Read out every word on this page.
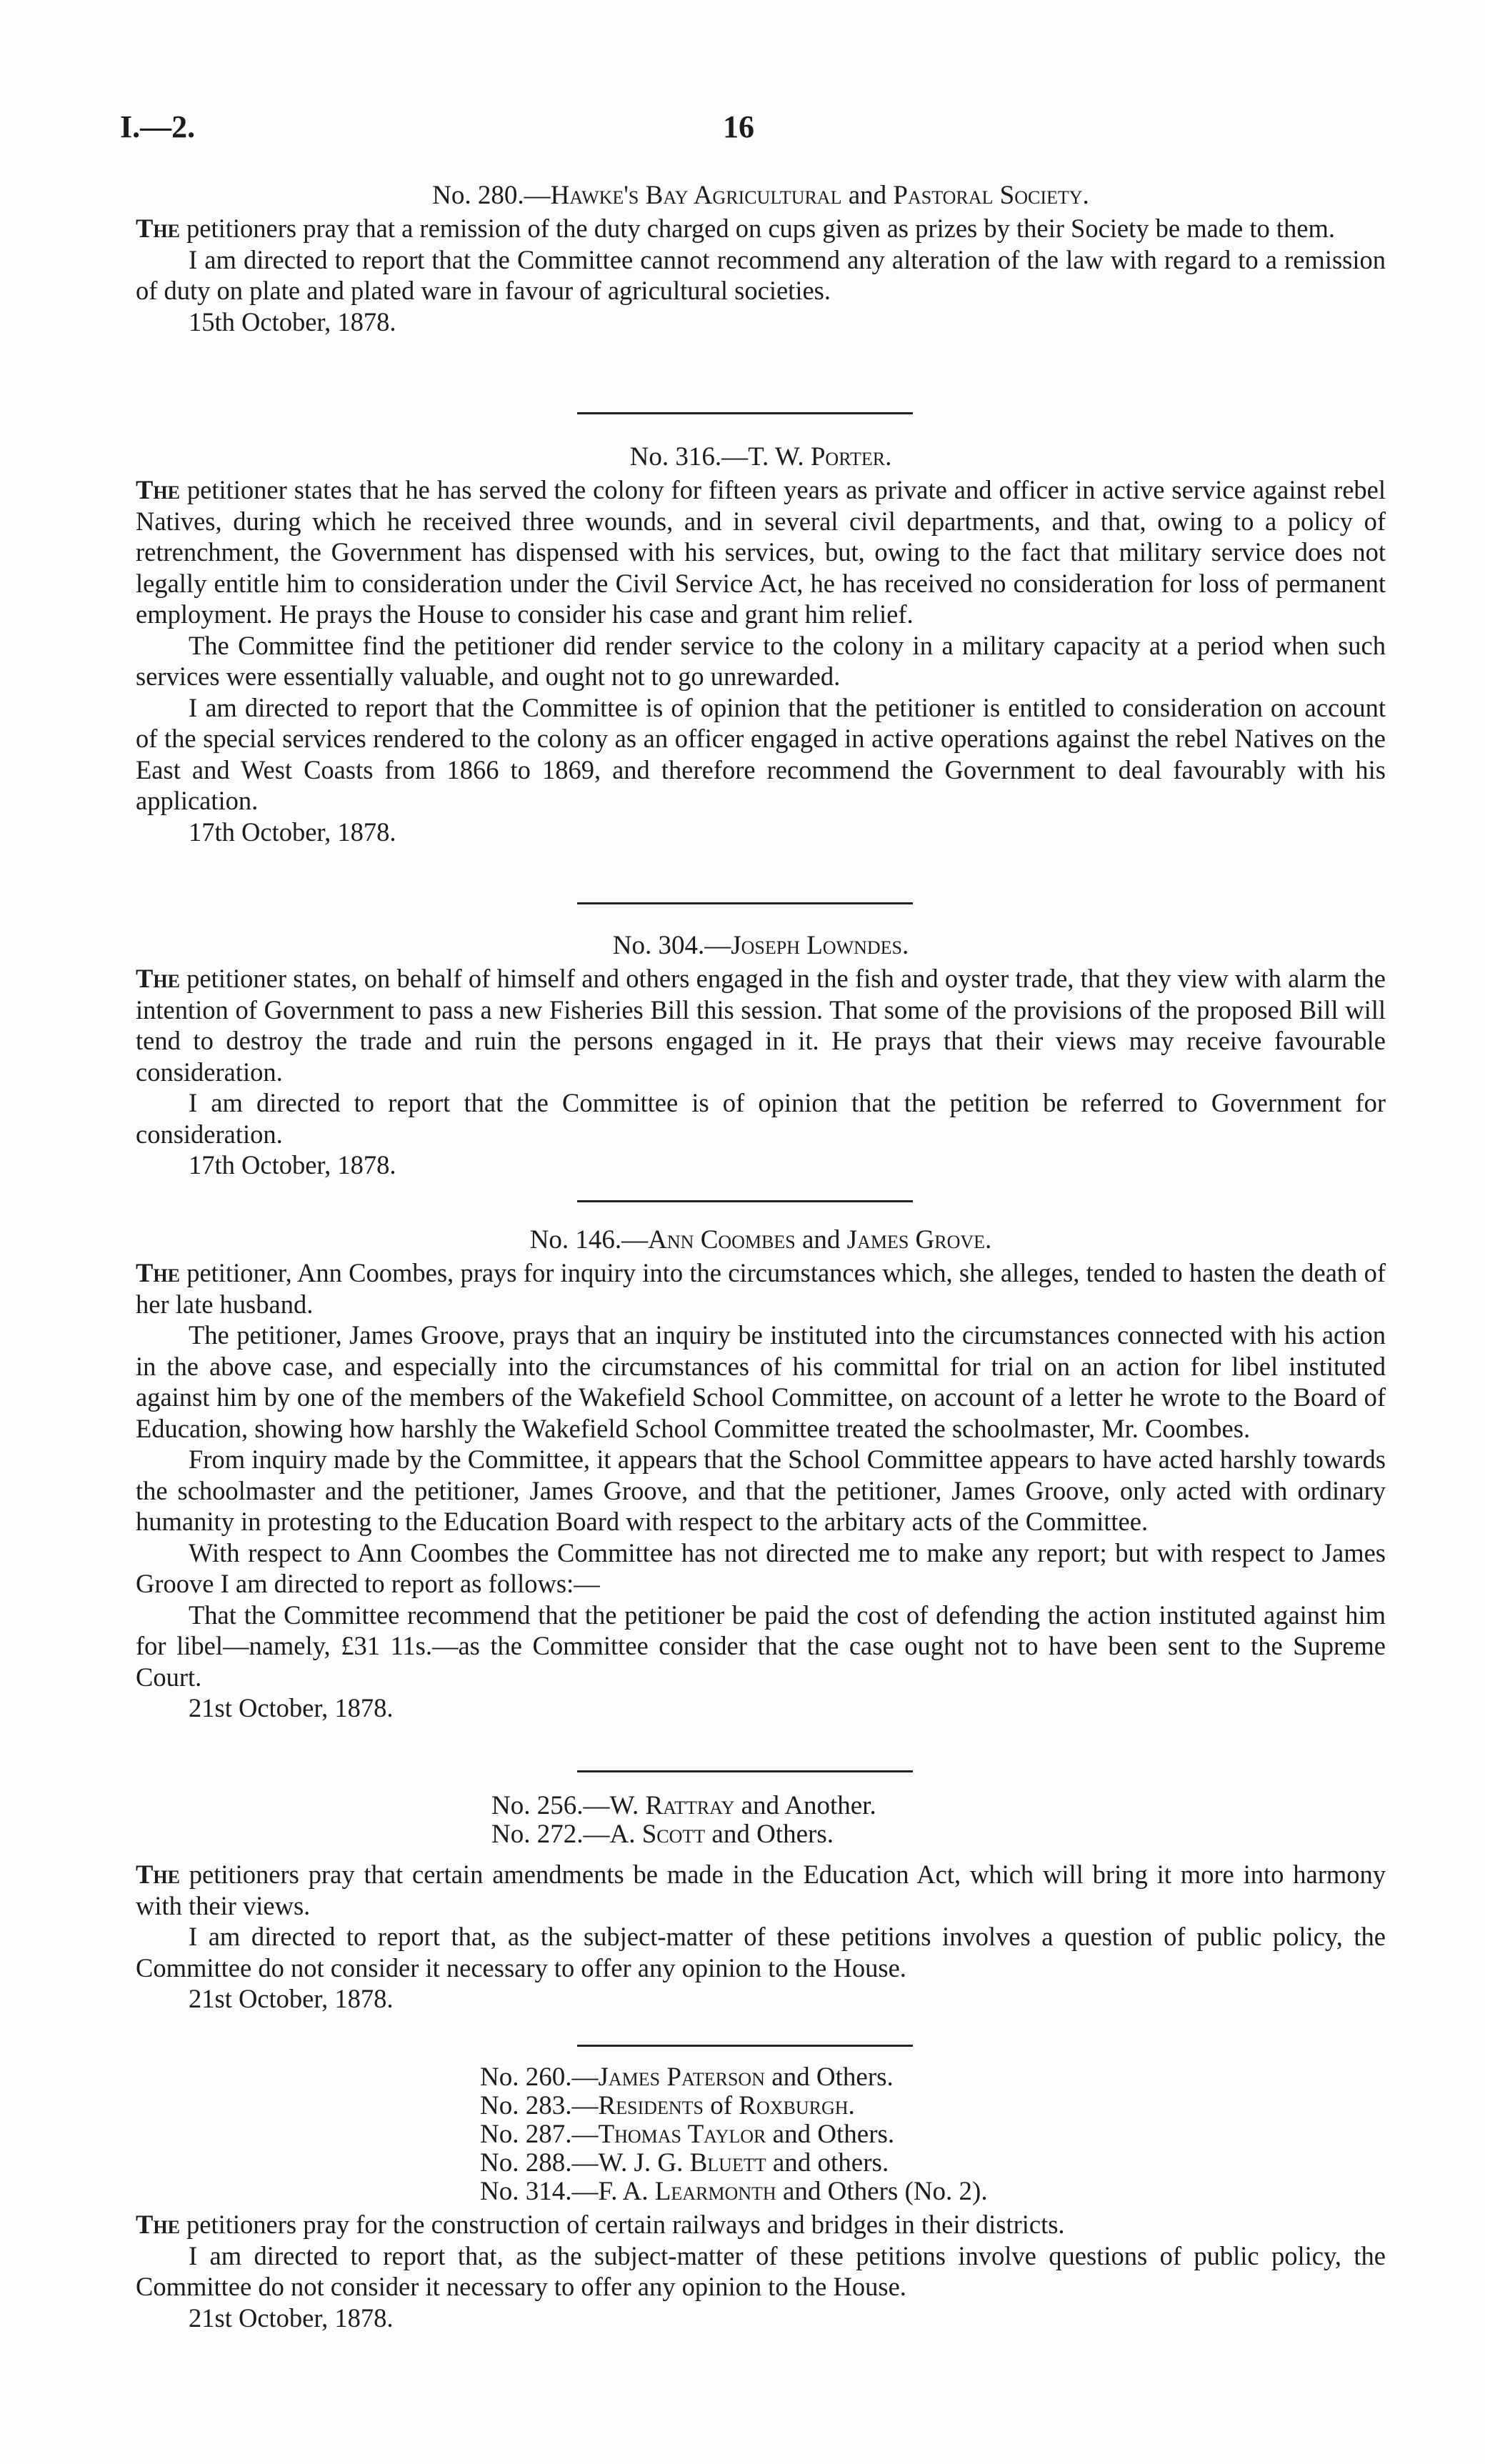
I.—2.	16
No. 280.—Hawke's Bay Agricultural and Pastoral Society.

The petitioners pray that a remission of the duty charged on cups given as prizes by their Society be made to them.

I am directed to report that the Committee cannot recommend any alteration of the law with regard to a remission of duty on plate and plated ware in favour of agricultural societies.

15th October, 1878.
No. 316.—T. W. Porter.

The petitioner states that he has served the colony for fifteen years as private and officer in active service against rebel Natives, during which he received three wounds, and in several civil departments, and that, owing to a policy of retrenchment, the Government has dispensed with his services, but, owing to the fact that military service does not legally entitle him to consideration under the Civil Service Act, he has received no consideration for loss of permanent employment. He prays the House to consider his case and grant him relief.

The Committee find the petitioner did render service to the colony in a military capacity at a period when such services were essentially valuable, and ought not to go unrewarded.

I am directed to report that the Committee is of opinion that the petitioner is entitled to consideration on account of the special services rendered to the colony as an officer engaged in active operations against the rebel Natives on the East and West Coasts from 1866 to 1869, and therefore recommend the Government to deal favourably with his application.

17th October, 1878.
No. 304.—Joseph Lowndes.

The petitioner states, on behalf of himself and others engaged in the fish and oyster trade, that they view with alarm the intention of Government to pass a new Fisheries Bill this session. That some of the provisions of the proposed Bill will tend to destroy the trade and ruin the persons engaged in it. He prays that their views may receive favourable consideration.

I am directed to report that the Committee is of opinion that the petition be referred to Government for consideration.

17th October, 1878.
No. 146.—Ann Coombes and James Grove.

The petitioner, Ann Coombes, prays for inquiry into the circumstances which, she alleges, tended to hasten the death of her late husband.

The petitioner, James Groove, prays that an inquiry be instituted into the circumstances connected with his action in the above case, and especially into the circumstances of his committal for trial on an action for libel instituted against him by one of the members of the Wakefield School Committee, on account of a letter he wrote to the Board of Education, showing how harshly the Wakefield School Committee treated the schoolmaster, Mr. Coombes.

From inquiry made by the Committee, it appears that the School Committee appears to have acted harshly towards the schoolmaster and the petitioner, James Groove, and that the petitioner, James Groove, only acted with ordinary humanity in protesting to the Education Board with respect to the arbitary acts of the Committee.

With respect to Ann Coombes the Committee has not directed me to make any report; but with respect to James Groove I am directed to report as follows:—

That the Committee recommend that the petitioner be paid the cost of defending the action instituted against him for libel—namely, £31 11s.—as the Committee consider that the case ought not to have been sent to the Supreme Court.

21st October, 1878.
No. 256.—W. Rattray and Another.
No. 272.—A. Scott and Others.

The petitioners pray that certain amendments be made in the Education Act, which will bring it more into harmony with their views.

I am directed to report that, as the subject-matter of these petitions involves a question of public policy, the Committee do not consider it necessary to offer any opinion to the House.

21st October, 1878.
No. 260.—James Paterson and Others.
No. 283.—Residents of Roxburgh.
No. 287.—Thomas Taylor and Others.
No. 288.—W. J. G. Bluett and others.
No. 314.—F. A. Learmonth and Others (No. 2).

The petitioners pray for the construction of certain railways and bridges in their districts.

I am directed to report that, as the subject-matter of these petitions involve questions of public policy, the Committee do not consider it necessary to offer any opinion to the House.

21st October, 1878.
